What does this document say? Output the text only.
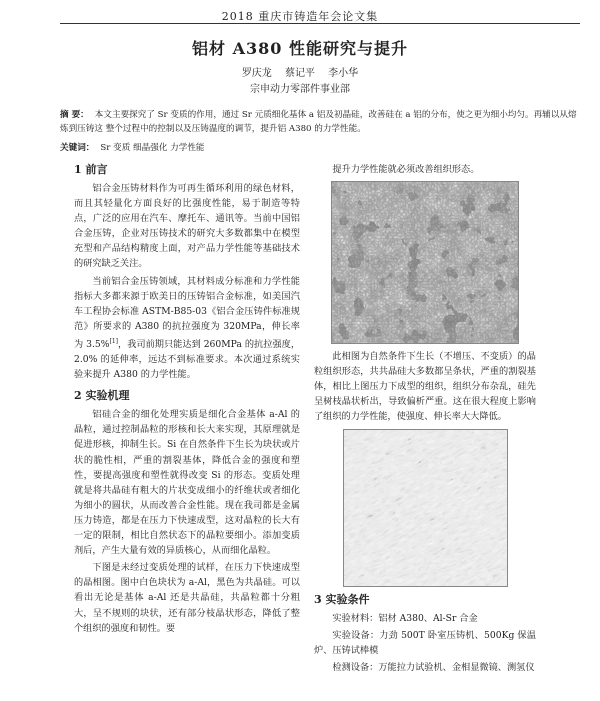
2018 重庆市铸造年会论文集
铝材 A380 性能研究与提升
罗庆龙 蔡记平 李小华
宗申动力零部件事业部
摘 要： 本文主要探究了 Sr 变质的作用，通过 Sr 元质细化基体 a 铝及初晶硅，改善硅在 a 铝的分布，使之更为细小均匀。再辅以从熔炼到压铸这 整个过程中的控制以及压铸温度的调节，提升铝 A380 的力学性能。
关键词： Sr 变质 细晶强化 力学性能
1 前言

铝合金压铸材料作为可再生循环利用的绿色材料，而且其轻量化方面良好的比强度性能，易于制造等特点，广泛的应用在汽车、摩托车、通讯等。当前中国铝合金压铸，企业对压铸技术的研究大多数都集中在模型充型和产品结构精度上面，对产品力学性能等基础技术的研究缺乏关注。

当前铝合金压铸领域，其材料成分标准和力学性能指标大多都来源于欧美日的压铸铝合金标准，如美国汽车工程协会标准 ASTM-B85-03《铝合金压铸件标准规范》所要求的 A380 的抗拉强度为 320MPa，伸长率为 3.5%[1]，我司前期只能达到 260MPa 的抗拉强度，2.0% 的延伸率，远达不到标准要求。本次通过系统实验来提升 A380 的力学性能。

2 实验机理

铝硅合金的细化处理实质是细化合金基体 a-Al 的晶粒，通过控制晶粒的形核和长大来实现，其原理就是促进形核，抑制生长。Si 在自然条件下生长为块状或片状的脆性相，严重的割裂基体，降低合金的强度和塑性，要提高强度和塑性就得改变 Si 的形态。变质处理就是将共晶硅有粗大的片状变成细小的纤维状或者细化为细小的圆状，从而改善合金性能。现在我司都是金属压力铸造，都是在压力下快速成型，这对晶粒的长大有一定的限制，相比自然状态下的晶粒要细小。添加变质剂后，产生大量有效的异质核心，从而细化晶粒。

下图是未经过变质处理的试样，在压力下快速成型的晶相图。图中白色块状为 a-Al，黑色为共晶硅。可以看出无论是基体 a-Al 还是共晶硅，共晶粒都十分粗大，呈不规则的块状，还有部分枝晶状形态，降低了整个组织的强度和韧性。要

提升力学性能就必须改善组织形态。

此相图为自然条件下生长（不增压、不变质）的晶粒组织形态，共共晶硅大多数都呈条状，严重的割裂基体，相比上图压力下成型的组织，组织分布杂乱，硅先呈树枝晶状析出，导致偏析严重。这在很大程度上影响了组织的力学性能，使强度、伸长率大大降低。

3 实验条件

实验材料：铝材 A380、Al-Sr 合金

实验设备：力劲 500T 卧室压铸机、500Kg 保温炉、压铸试棒模

检测设备：万能拉力试验机、金相显微镜、测氢仪
